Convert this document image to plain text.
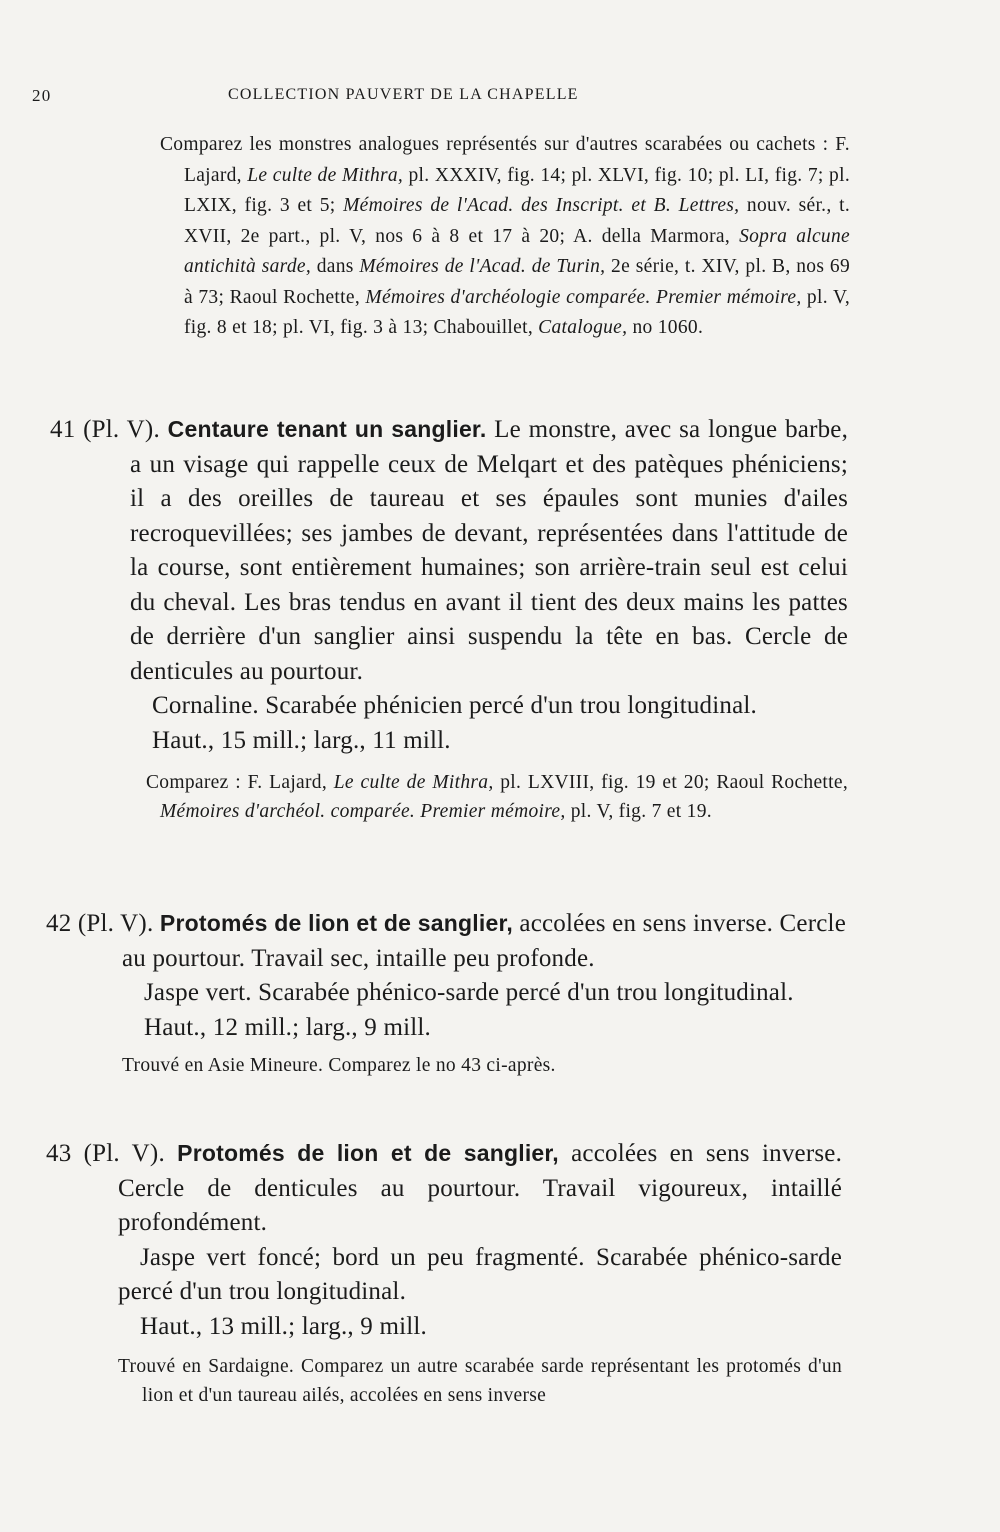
20	COLLECTION PAUVERT DE LA CHAPELLE
Comparez les monstres analogues représentés sur d'autres scarabées ou cachets : F. Lajard, Le culte de Mithra, pl. XXXIV, fig. 14; pl. XLVI, fig. 10; pl. LI, fig. 7; pl. LXIX, fig. 3 et 5; Mémoires de l'Acad. des Inscript. et B. Lettres, nouv. sér., t. XVII, 2e part., pl. V, nos 6 à 8 et 17 à 20; A. della Marmora, Sopra alcune antichità sarde, dans Mémoires de l'Acad. de Turin, 2e série, t. XIV, pl. B, nos 69 à 73; Raoul Rochette, Mémoires d'archéologie comparée. Premier mémoire, pl. V, fig. 8 et 18; pl. VI, fig. 3 à 13; Chabouillet, Catalogue, no 1060.

41 (Pl. V). Centaure tenant un sanglier. Le monstre, avec sa longue barbe, a un visage qui rappelle ceux de Melqart et des patèques phéniciens; il a des oreilles de taureau et ses épaules sont munies d'ailes recroquevillées; ses jambes de devant, représentées dans l'attitude de la course, sont entièrement humaines; son arrière-train seul est celui du cheval. Les bras tendus en avant il tient des deux mains les pattes de derrière d'un sanglier ainsi suspendu la tête en bas. Cercle de denticules au pourtour.
Cornaline. Scarabée phénicien percé d'un trou longitudinal.
Haut., 15 mill.; larg., 11 mill.
Comparez : F. Lajard, Le culte de Mithra, pl. LXVIII, fig. 19 et 20; Raoul Rochette, Mémoires d'archéol. comparée. Premier mémoire, pl. V, fig. 7 et 19.
42 (Pl. V). Protomés de lion et de sanglier, accolées en sens inverse. Cercle au pourtour. Travail sec, intaille peu profonde.
Jaspe vert. Scarabée phénico-sarde percé d'un trou longitudinal.
Haut., 12 mill.; larg., 9 mill.
Trouvé en Asie Mineure. Comparez le no 43 ci-après.
43 (Pl. V). Protomés de lion et de sanglier, accolées en sens inverse. Cercle de denticules au pourtour. Travail vigoureux, intaillé profondément.
Jaspe vert foncé; bord un peu fragmenté. Scarabée phénico-sarde percé d'un trou longitudinal.
Haut., 13 mill.; larg., 9 mill.
Trouvé en Sardaigne. Comparez un autre scarabée sarde représentant les protomés d'un lion et d'un taureau ailés, accolées en sens inverse
